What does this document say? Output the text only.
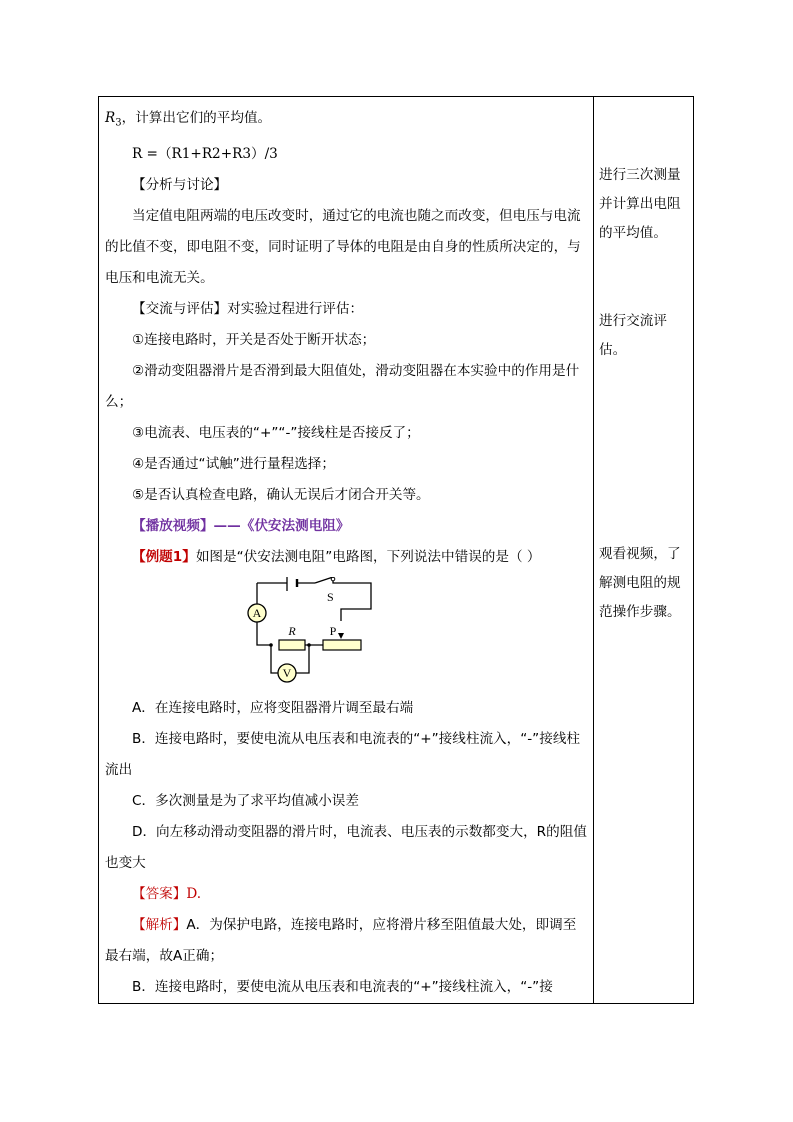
$R_3$，计算出它们的平均值。

R =（R1+R2+R3）/3

【分析与讨论】

当定值电阻两端的电压改变时，通过它的电流也随之而改变，但电压与电流的比值不变，即电阻不变，同时证明了导体的电阻是由自身的性质所决定的，与电压和电流无关。

【交流与评估】对实验过程进行评估：

①连接电路时，开关是否处于断开状态；

②滑动变阻器滑片是否滑到最大阻值处，滑动变阻器在本实验中的作用是什么；

③电流表、电压表的“+”“-”接线柱是否接反了；

④是否通过“试触”进行量程选择；

⑤是否认真检查电路，确认无误后才闭合开关等。

【播放视频】——《伏安法测电阻》

【例题1】如图是“伏安法测电阻”电路图，下列说法中错误的是（ ）

A
V
S
R	P

A．在连接电路时，应将变阻器滑片调至最右端

B．连接电路时，要使电流从电压表和电流表的“+”接线柱流入，“-”接线柱流出

C．多次测量是为了求平均值减小误差

D．向左移动滑动变阻器的滑片时，电流表、电压表的示数都变大，R的阻值也变大

【答案】D.

【解析】A．为保护电路，连接电路时，应将滑片移至阻值最大处，即调至最右端，故A正确；

B．连接电路时，要使电流从电压表和电流表的“+”接线柱流入，“-”接

进行三次测量并计算出电阻的平均值。
进行交流评估。
观看视频，了解测电阻的规范操作步骤。
